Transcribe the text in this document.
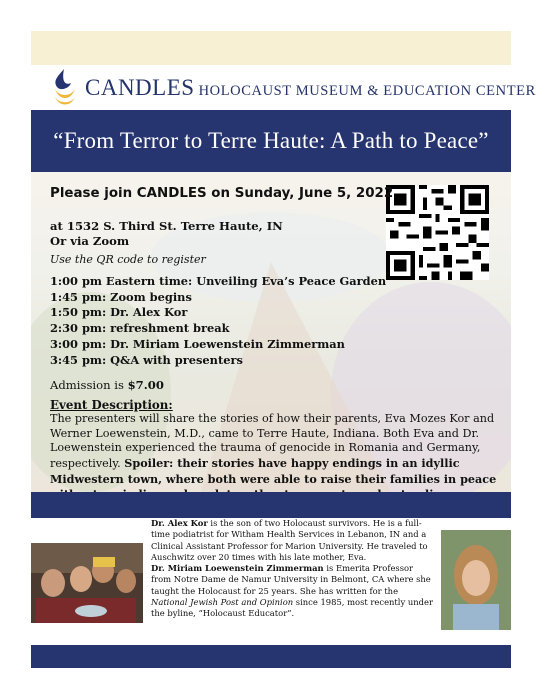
CANDLES HOLOCAUST MUSEUM & EDUCATION CENTER
“From Terror to Terre Haute: A Path to Peace”

Please join CANDLES on Sunday, June 5, 2022

at 1532 S. Third St. Terre Haute, IN
Or via Zoom
Use the QR code to register
1:00 pm Eastern time: Unveiling Eva’s Peace Garden
1:45 pm: Zoom begins
1:50 pm: Dr. Alex Kor
2:30 pm: refreshment break
3:00 pm: Dr. Miriam Loewenstein Zimmerman
3:45 pm: Q&A with presenters
Admission is $7.00
Event Description:
The presenters will share the stories of how their parents, Eva Mozes Kor and Werner Loewenstein, M.D., came to Terre Haute, Indiana. Both Eva and Dr. Loewenstein experienced the trauma of genocide in Romania and Germany, respectively. Spoiler: their stories have happy endings in an idyllic Midwestern town, where both were able to raise their families in peace
Dr. Alex Kor is the son of two Holocaust survivors. He is a full-time podiatrist for Witham Health Services in Lebanon, IN and a Clinical Assistant Professor for Marion University. He traveled to Auschwitz over 20 times with his late mother, Eva.
Dr. Miriam Loewenstein Zimmerman is Emerita Professor from Notre Dame de Namur University in Belmont, CA where she taught the Holocaust for 25 years. She has written for the National Jewish Post and Opinion since 1985, most recently under the byline, “Holocaust Educator”.
